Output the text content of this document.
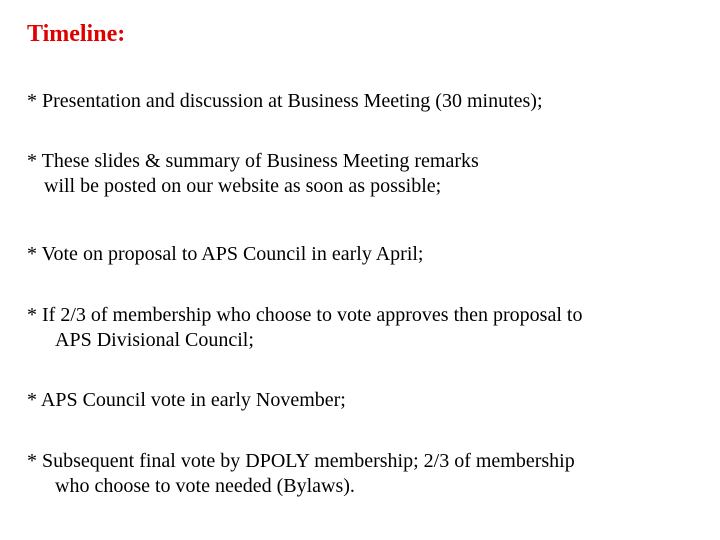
Timeline:
* Presentation and discussion at Business Meeting (30 minutes);
* These slides & summary of Business Meeting remarks
will be posted on our website as soon as possible;
* Vote on proposal to APS Council in early April;
* If 2/3 of membership who choose to vote approves then proposal to
APS Divisional Council;
* APS Council vote in early November;
* Subsequent final vote by DPOLY membership; 2/3 of membership
who choose to vote needed (Bylaws).
